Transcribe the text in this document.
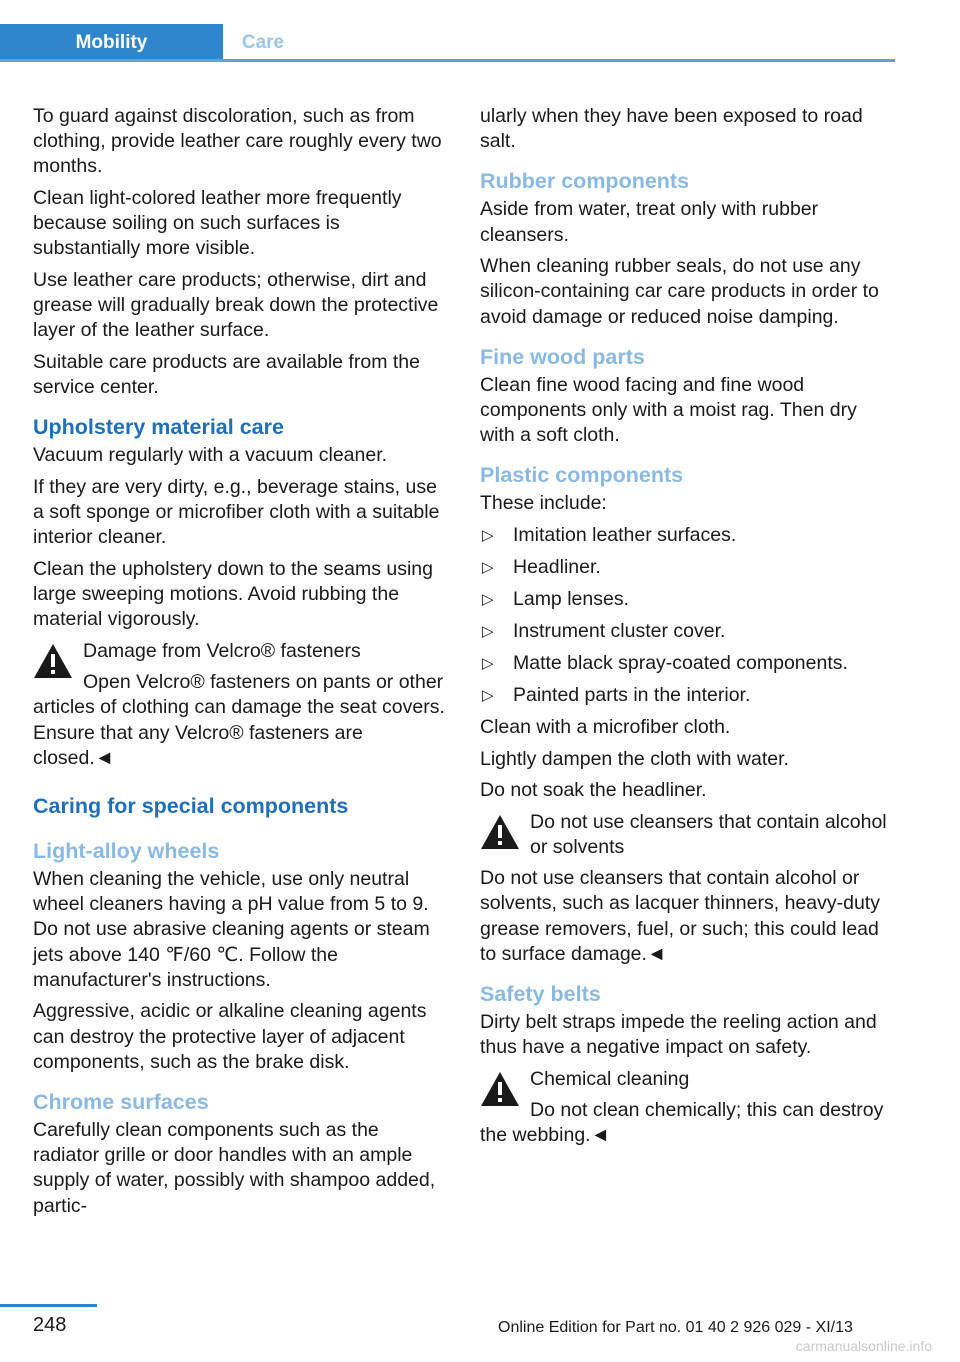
Mobility	Care

To guard against discoloration, such as from clothing, provide leather care roughly every two months.

Clean light-colored leather more frequently because soiling on such surfaces is substantially more visible.

Use leather care products; otherwise, dirt and grease will gradually break down the protective layer of the leather surface.

Suitable care products are available from the service center.

Upholstery material care

Vacuum regularly with a vacuum cleaner.

If they are very dirty, e.g., beverage stains, use a soft sponge or microfiber cloth with a suitable interior cleaner.

Clean the upholstery down to the seams using large sweeping motions. Avoid rubbing the material vigorously.

Damage from Velcro® fasteners

Open Velcro® fasteners on pants or other articles of clothing can damage the seat covers. Ensure that any Velcro® fasteners are closed.◄

Caring for special components
Light-alloy wheels

When cleaning the vehicle, use only neutral wheel cleaners having a pH value from 5 to 9. Do not use abrasive cleaning agents or steam jets above 140 ℉/60 ℃. Follow the manufacturer's instructions.

Aggressive, acidic or alkaline cleaning agents can destroy the protective layer of adjacent components, such as the brake disk.

Chrome surfaces

Carefully clean components such as the radiator grille or door handles with an ample supply of water, possibly with shampoo added, partic-

ularly when they have been exposed to road salt.

Rubber components

Aside from water, treat only with rubber cleansers.

When cleaning rubber seals, do not use any silicon-containing car care products in order to avoid damage or reduced noise damping.

Fine wood parts

Clean fine wood facing and fine wood components only with a moist rag. Then dry with a soft cloth.

Plastic components

These include:

▷ Imitation leather surfaces.
▷ Headliner.
▷ Lamp lenses.
▷ Instrument cluster cover.
▷ Matte black spray-coated components.
▷ Painted parts in the interior.

Clean with a microfiber cloth.

Lightly dampen the cloth with water.

Do not soak the headliner.

Do not use cleansers that contain alcohol or solvents

Do not use cleansers that contain alcohol or solvents, such as lacquer thinners, heavy-duty grease removers, fuel, or such; this could lead to surface damage.◄

Safety belts

Dirty belt straps impede the reeling action and thus have a negative impact on safety.

Chemical cleaning

Do not clean chemically; this can destroy the webbing.◄

248	Online Edition for Part no. 01 40 2 926 029 - XI/13
carmanualsonline.info
